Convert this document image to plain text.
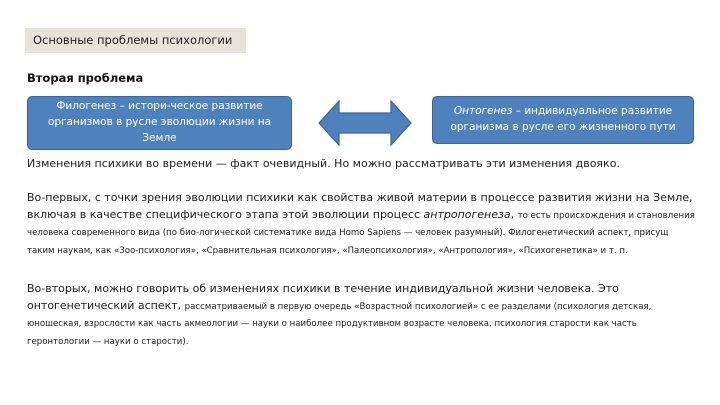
Основные проблемы психологии
Вторая проблема
Филогенез – истори-ческое развитие организмов в русле эволюции жизни на Земле
Онтогенез – индивидуальное развитие организма в русле его жизненного пути
Изменения психики во времени — факт очевидный. Но можно рассматривать эти изменения двояко.
Во-первых, с точки зрения эволюции психики как свойства живой материи в процессе развития жизни на Земле, включая в качестве специфического этапа этой эволюции процесс антропогенеза, то есть происхождения и становления человека современного вида (по био-логической систематике вида Homo Sapiens — человек разумный). Филогенетический аспект, присущ таким наукам, как «Зоо-психология», «Сравнительная психология», «Палеопсихология», «Антропология», «Психогенетика» и т. п.
Во-вторых, можно говорить об изменениях психики в течение индивидуальной жизни человека. Это онтогенетический аспект, рассматриваемый в первую очередь «Возрастной психологией» с ее разделами (психология детская, юношеская, взрослости как часть акмеологии — науки о наиболее продуктивном возрасте человека, психология старости как часть геронтологии — науки о старости).
